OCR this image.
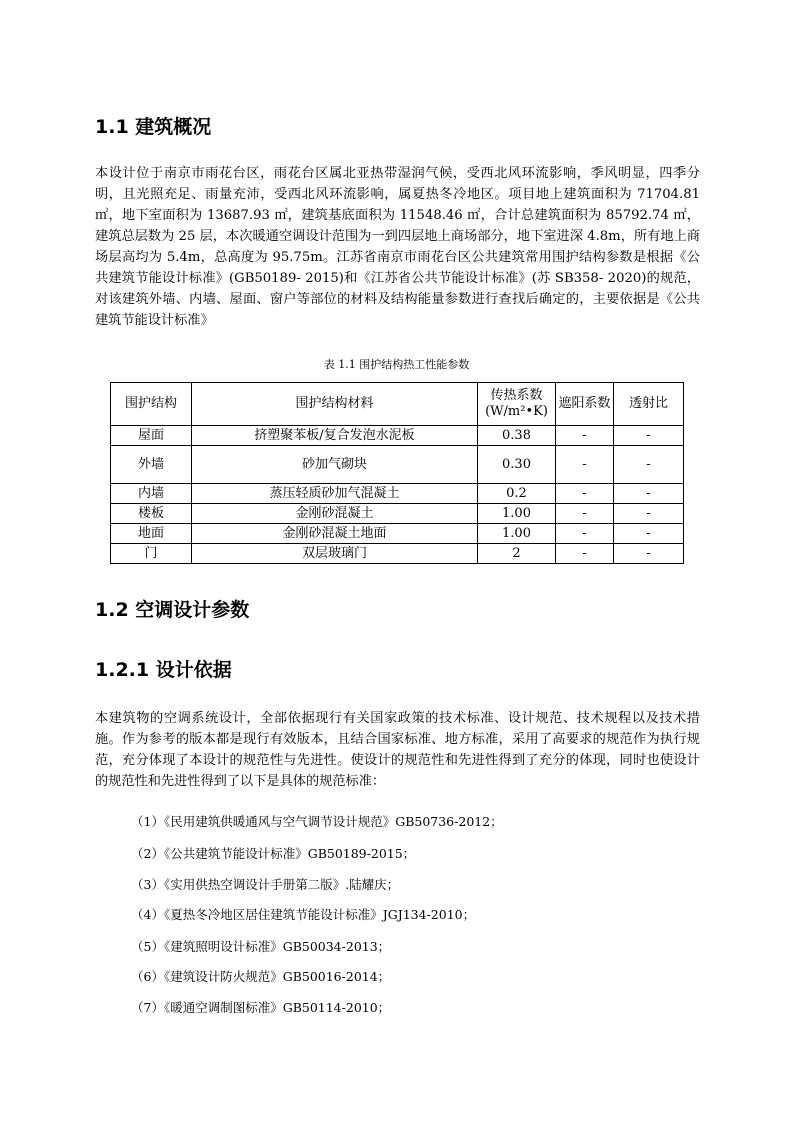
1.1 建筑概况

本设计位于南京市雨花台区，雨花台区属北亚热带湿润气候，受西北风环流影响，季风明显，四季分明，且光照充足、雨量充沛，受西北风环流影响，属夏热冬冷地区。项目地上建筑面积为 71704.81 ㎡，地下室面积为 13687.93 ㎡，建筑基底面积为 11548.46 ㎡，合计总建筑面积为 85792.74 ㎡，建筑总层数为 25 层，本次暖通空调设计范围为一到四层地上商场部分，地下室进深 4.8m，所有地上商场层高均为 5.4m，总高度为 95.75m。江苏省南京市雨花台区公共建筑常用围护结构参数是根据《公共建筑节能设计标准》(GB50189- 2015)和《江苏省公共节能设计标准》(苏 SB358- 2020)的规范，对该建筑外墙、内墙、屋面、窗户等部位的材料及结构能量参数进行查找后确定的，主要依据是《公共建筑节能设计标准》

表 1.1 围护结构热工性能参数
围护结构	围护结构材料	传热系数(W/m²•K)	遮阳系数	透射比
屋面	挤塑聚苯板/复合发泡水泥板	0.38	-	-
外墙	砂加气砌块	0.30	-	-
内墙	蒸压轻质砂加气混凝土	0.2	-	-
楼板	金刚砂混凝土	1.00	-	-
地面	金刚砂混凝土地面	1.00	-	-
门	双层玻璃门	2	-	-
1.2 空调设计参数
1.2.1 设计依据

本建筑物的空调系统设计，全部依据现行有关国家政策的技术标准、设计规范、技术规程以及技术措施。作为参考的版本都是现行有效版本，且结合国家标准、地方标准，采用了高要求的规范作为执行规范，充分体现了本设计的规范性与先进性。使设计的规范性和先进性得到了充分的体现，同时也使设计的规范性和先进性得到了以下是具体的规范标准：

（1）《民用建筑供暖通风与空气调节设计规范》GB50736-2012；
（2）《公共建筑节能设计标准》GB50189-2015；
（3）《实用供热空调设计手册第二版》.陆耀庆；
（4）《夏热冬冷地区居住建筑节能设计标准》JGJ134-2010；
（5）《建筑照明设计标准》GB50034-2013；
（6）《建筑设计防火规范》GB50016-2014；
（7）《暖通空调制图标准》GB50114-2010；
